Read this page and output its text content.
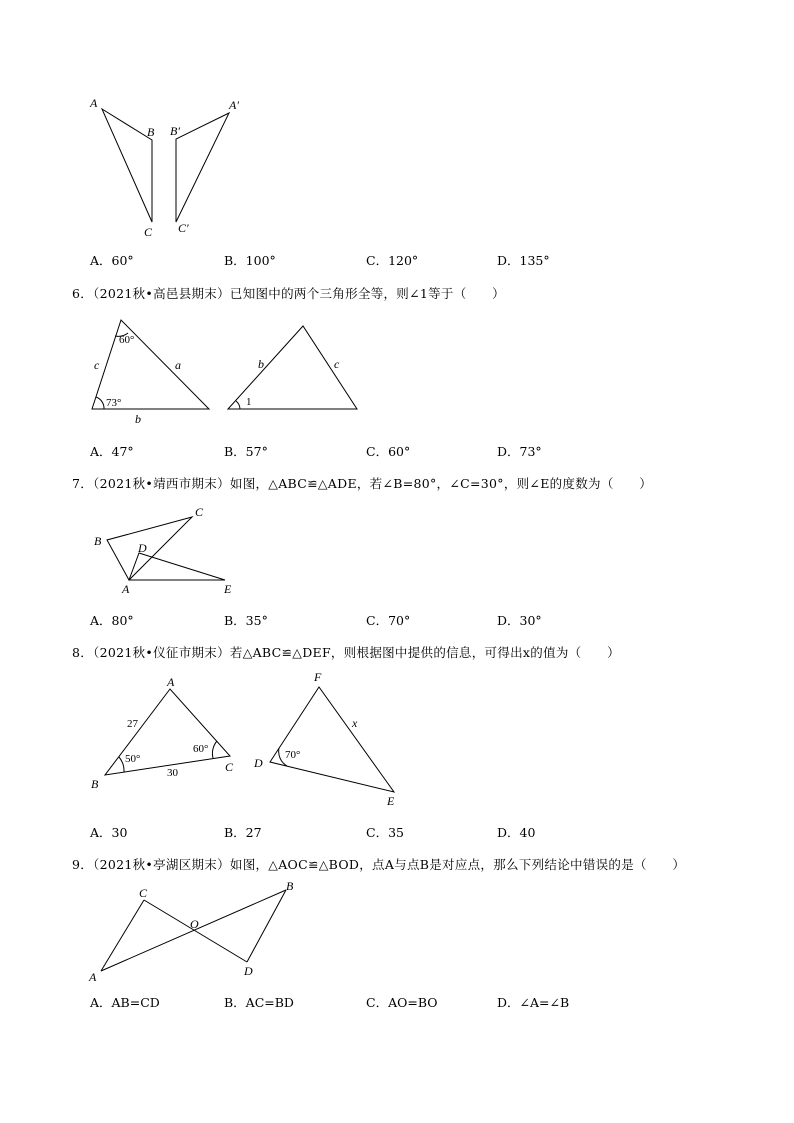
A
B
C
A′
B′
C′
A．60°	B．100°	C．120°	D．135°
6．（2021秋•高邑县期末）已知图中的两个三角形全等，则∠1等于（　　）
60°
73°
c	a
b
b	c
1
A．47°	B．57°	C．60°	D．73°
7．（2021秋•靖西市期末）如图，△ABC≌△ADE，若∠B=80°，∠C=30°，则∠E的度数为（　　）
B
C
D
A	E
A．80°	B．35°	C．70°	D．30°
8．（2021秋•仪征市期末）若△ABC≌△DEF，则根据图中提供的信息，可得出x的值为（　　）
A
B
C
27
30
50°
60°
F
D
E
x
70°
A．30	B．27	C．35	D．40
9．（2021秋•亭湖区期末）如图，△AOC≌△BOD，点A与点B是对应点，那么下列结论中错误的是（　　）
C
O
B
A	D
A．AB=CD	B．AC=BD	C．AO=BO	D．∠A=∠B
